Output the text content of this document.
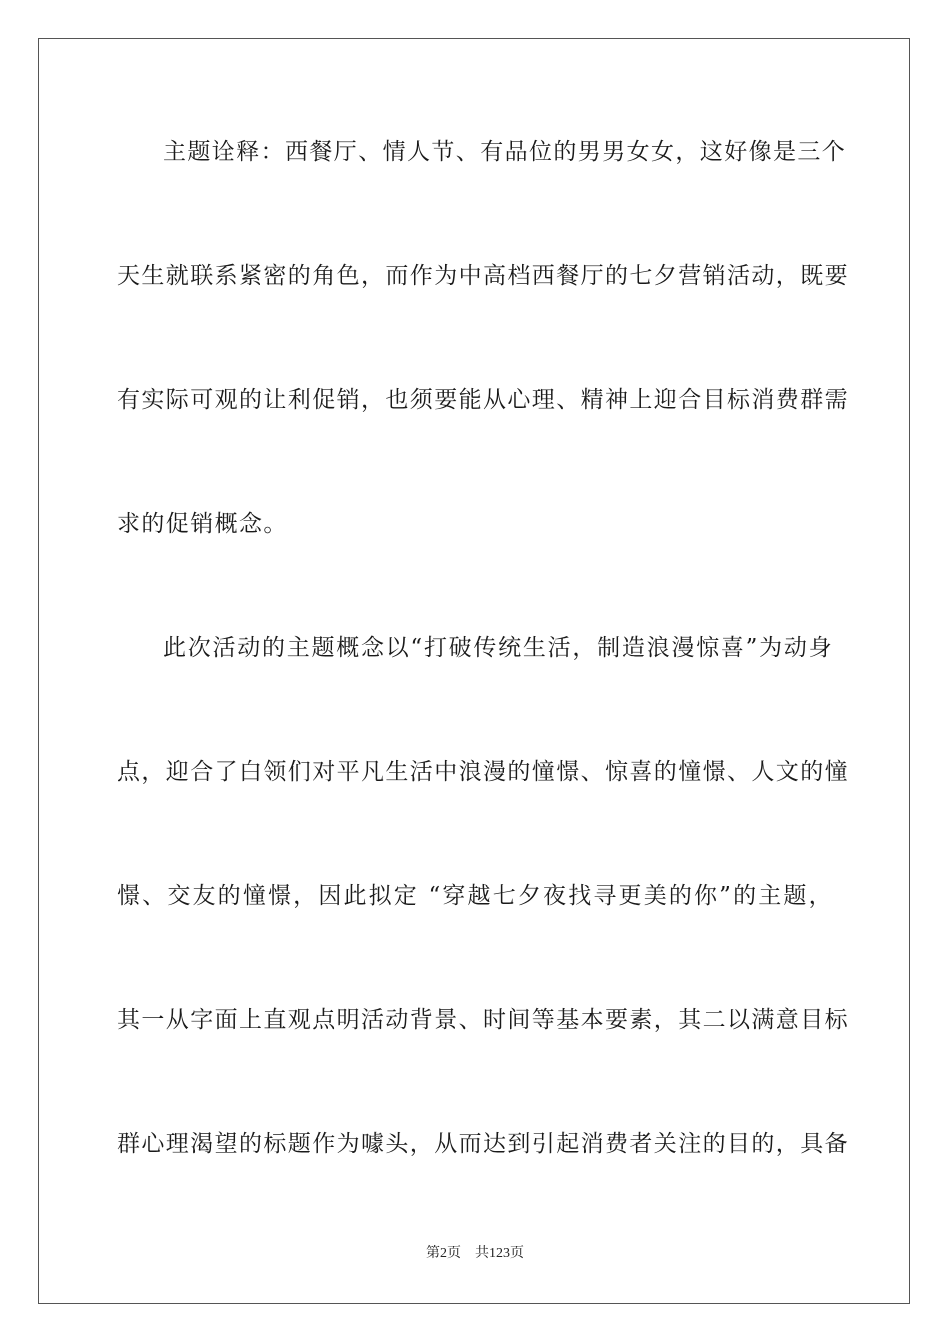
主题诠释：西餐厅、情人节、有品位的男男女女，这好像是三个
天生就联系紧密的角色，而作为中高档西餐厅的七夕营销活动，既要
有实际可观的让利促销，也须要能从心理、精神上迎合目标消费群需
求的促销概念。
此次活动的主题概念以“打破传统生活，制造浪漫惊喜”为动身
点，迎合了白领们对平凡生活中浪漫的憧憬、惊喜的憧憬、人文的憧
憬、交友的憧憬，因此拟定 “穿越七夕夜找寻更美的你”的主题，
其一从字面上直观点明活动背景、时间等基本要素，其二以满意目标
群心理渴望的标题作为噱头，从而达到引起消费者关注的目的，具备
第2页 共123页
